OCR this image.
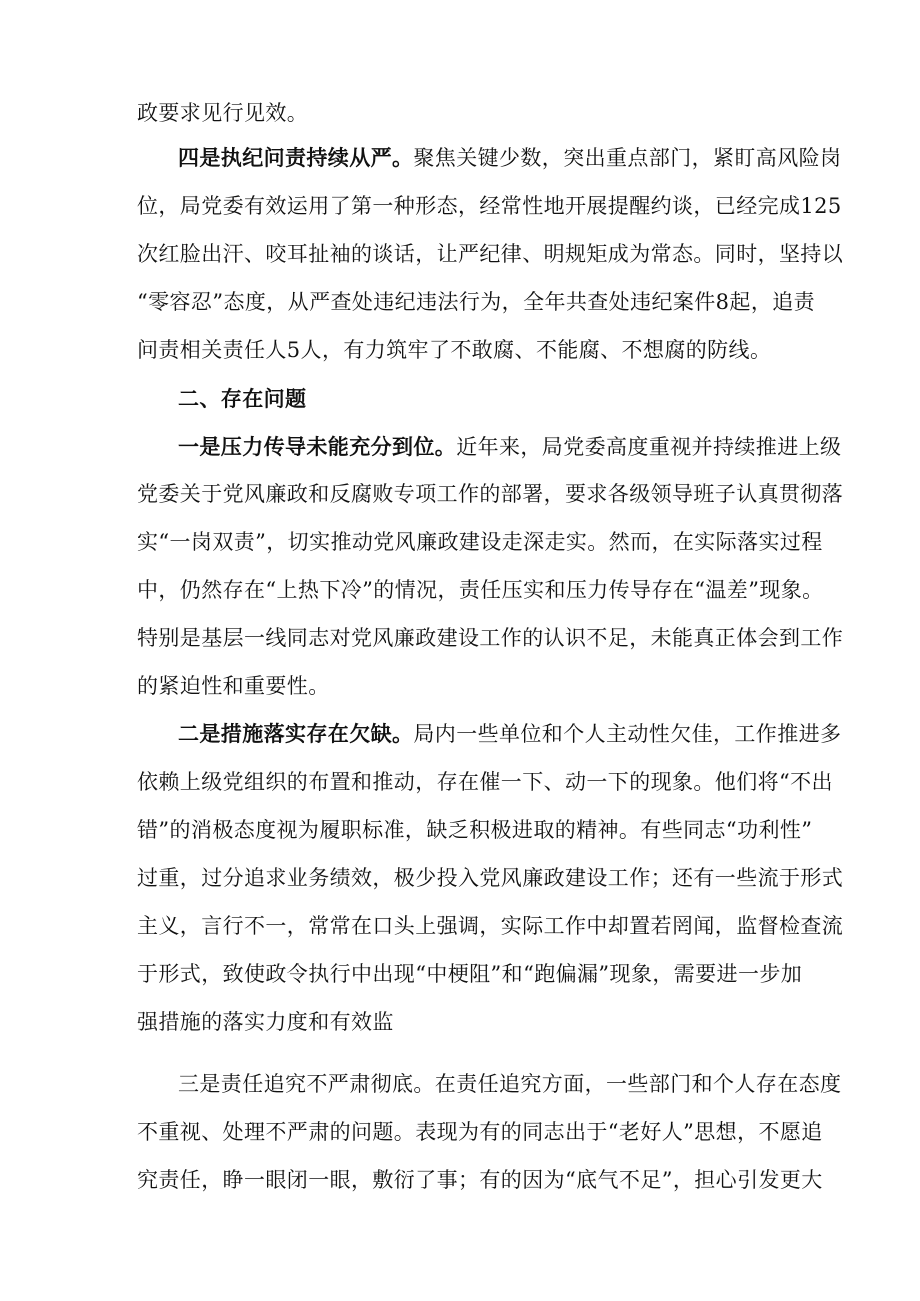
政要求见行见效。
四是执纪问责持续从严。聚焦关键少数，突出重点部门，紧盯高风险岗
位，局党委有效运用了第一种形态，经常性地开展提醒约谈，已经完成125
次红脸出汗、咬耳扯袖的谈话，让严纪律、明规矩成为常态。同时，坚持以
“零容忍”态度，从严查处违纪违法行为，全年共查处违纪案件8起，追责
问责相关责任人5人，有力筑牢了不敢腐、不能腐、不想腐的防线。
二、存在问题
一是压力传导未能充分到位。近年来，局党委高度重视并持续推进上级
党委关于党风廉政和反腐败专项工作的部署，要求各级领导班子认真贯彻落
实“一岗双责”，切实推动党风廉政建设走深走实。然而，在实际落实过程
中，仍然存在“上热下冷”的情况，责任压实和压力传导存在“温差”现象。
特别是基层一线同志对党风廉政建设工作的认识不足，未能真正体会到工作
的紧迫性和重要性。
二是措施落实存在欠缺。局内一些单位和个人主动性欠佳，工作推进多
依赖上级党组织的布置和推动，存在催一下、动一下的现象。他们将“不出
错”的消极态度视为履职标准，缺乏积极进取的精神。有些同志“功利性”
过重，过分追求业务绩效，极少投入党风廉政建设工作；还有一些流于形式
主义，言行不一，常常在口头上强调，实际工作中却置若罔闻，监督检查流
于形式，致使政令执行中出现“中梗阻”和“跑偏漏”现象，需要进一步加
强措施的落实力度和有效监
三是责任追究不严肃彻底。在责任追究方面，一些部门和个人存在态度
不重视、处理不严肃的问题。表现为有的同志出于“老好人”思想，不愿追
究责任，睁一眼闭一眼，敷衍了事；有的因为“底气不足”，担心引发更大
